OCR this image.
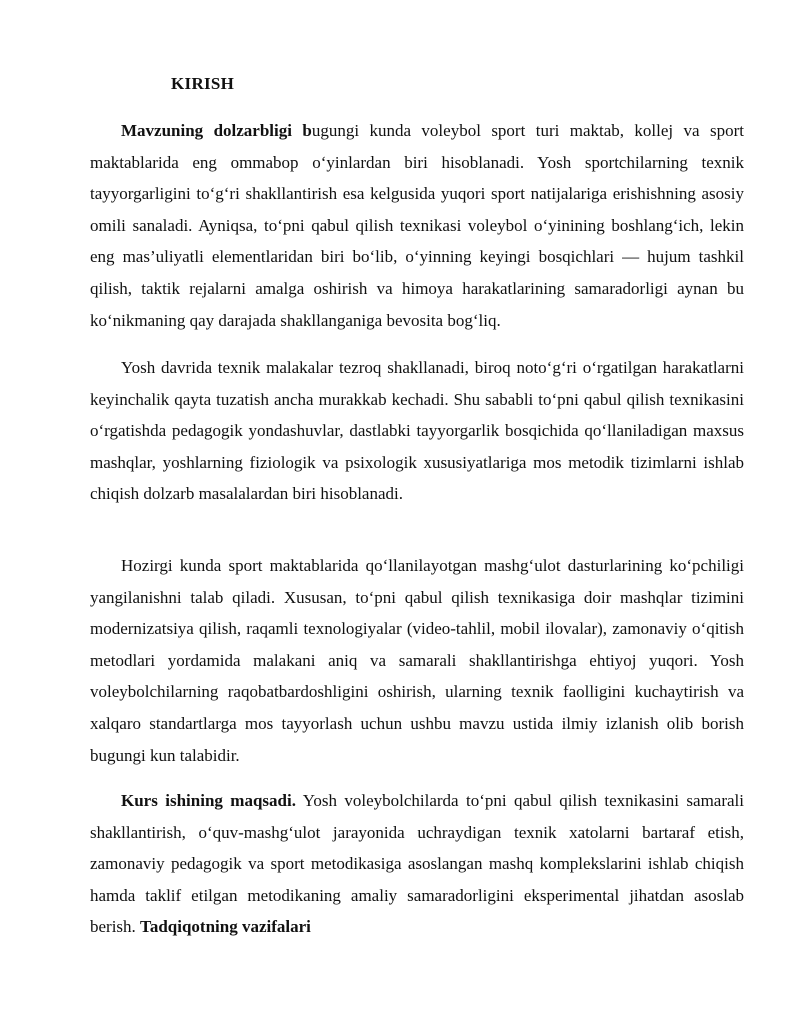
KIRISH

Mavzuning dolzarbligi bugungi kunda voleybol sport turi maktab, kollej va sport maktablarida eng ommabop o‘yinlardan biri hisoblanadi. Yosh sportchilarning texnik tayyorgarligini to‘g‘ri shakllantirish esa kelgusida yuqori sport natijalariga erishishning asosiy omili sanaladi. Ayniqsa, to‘pni qabul qilish texnikasi voleybol o‘yinining boshlang‘ich, lekin eng mas’uliyatli elementlaridan biri bo‘lib, o‘yinning keyingi bosqichlari — hujum tashkil qilish, taktik rejalarni amalga oshirish va himoya harakatlarining samaradorligi aynan bu ko‘nikmaning qay darajada shakllanganiga bevosita bog‘liq.

Yosh davrida texnik malakalar tezroq shakllanadi, biroq noto‘g‘ri o‘rgatilgan harakatlarni keyinchalik qayta tuzatish ancha murakkab kechadi. Shu sababli to‘pni qabul qilish texnikasini o‘rgatishda pedagogik yondashuvlar, dastlabki tayyorgarlik bosqichida qo‘llaniladigan maxsus mashqlar, yoshlarning fiziologik va psixologik xususiyatlariga mos metodik tizimlarni ishlab chiqish dolzarb masalalardan biri hisoblanadi.

Hozirgi kunda sport maktablarida qo‘llanilayotgan mashg‘ulot dasturlarining ko‘pchiligi yangilanishni talab qiladi. Xususan, to‘pni qabul qilish texnikasiga doir mashqlar tizimini modernizatsiya qilish, raqamli texnologiyalar (video-tahlil, mobil ilovalar), zamonaviy o‘qitish metodlari yordamida malakani aniq va samarali shakllantirishga ehtiyoj yuqori. Yosh voleybolchilarning raqobatbardoshligini oshirish, ularning texnik faolligini kuchaytirish va xalqaro standartlarga mos tayyorlash uchun ushbu mavzu ustida ilmiy izlanish olib borish bugungi kun talabidir.

Kurs ishining maqsadi. Yosh voleybolchilarda to‘pni qabul qilish texnikasini samarali shakllantirish, o‘quv-mashg‘ulot jarayonida uchraydigan texnik xatolarni bartaraf etish, zamonaviy pedagogik va sport metodikasiga asoslangan mashq komplekslarini ishlab chiqish hamda taklif etilgan metodikaning amaliy samaradorligini eksperimental jihatdan asoslab berish. Tadqiqotning vazifalari
